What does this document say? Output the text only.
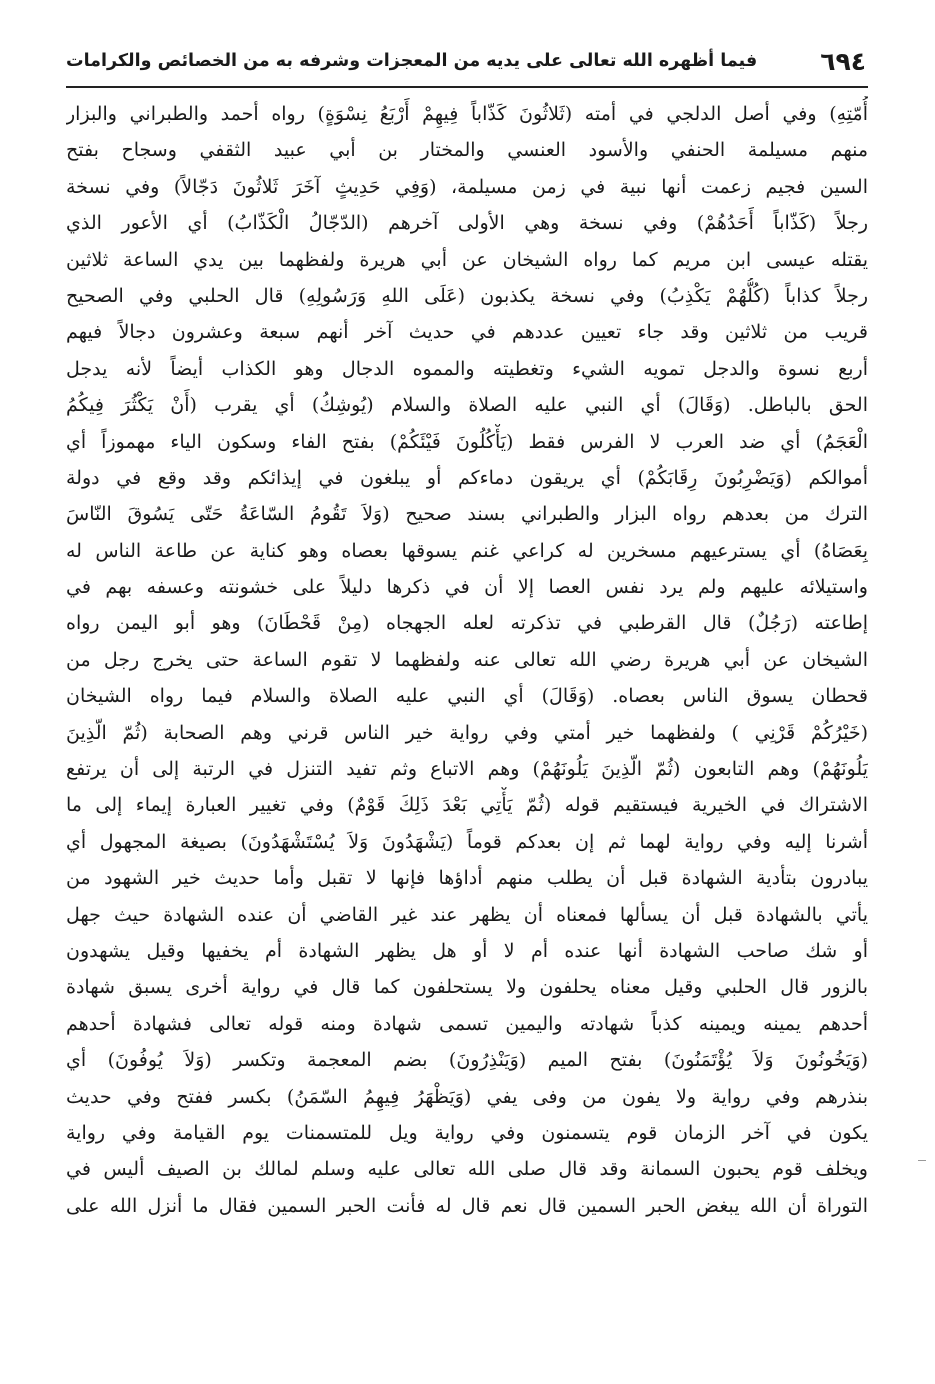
٦٩٤
فيما أظهره الله تعالى على يديه من المعجزات وشرفه به من الخصائص والكرامات
أُمّتِهِ) وفي أصل الدلجي في أمته (ثَلاثُونَ كَذّاباً فِيهِمْ أَرْبَعُ نِسْوَةٍ) رواه أحمد والطبراني والبزار
منهم مسيلمة الحنفي والأسود العنسي والمختار بن أبي عبيد الثقفي وسجاح بفتح
السين فجيم زعمت أنها نبية في زمن مسيلمة، (وَفِي حَدِيثٍ آخَرَ ثَلاثُونَ دَجّالاً) وفي نسخة
رجلاً (كَذّاباً أَحَدُهُمْ) وفي نسخة وهي الأولى آخرهم (الدّجّالُ الْكَذّابُ) أي الأعور الذي
يقتله عيسى ابن مريم كما رواه الشيخان عن أبي هريرة ولفظهما بين يدي الساعة ثلاثين
رجلاً كذاباً (كُلُّهُمْ يَكْذِبُ) وفي نسخة يكذبون (عَلَى اللهِ وَرَسُولِهِ) قال الحلبي وفي الصحيح
قريب من ثلاثين وقد جاء تعيين عددهم في حديث آخر أنهم سبعة وعشرون دجالاً فيهم
أربع نسوة والدجل تمويه الشيء وتغطيته والمموه الدجال وهو الكذاب أيضاً لأنه يدجل
الحق بالباطل. (وَقَالَ) أي النبي عليه الصلاة والسلام (يُوشِكُ) أي يقرب (أَنْ يَكْثُرَ فِيكُمُ
الْعَجَمُ) أي ضد العرب لا الفرس فقط (يَأْكُلُونَ فَيْئَكُمْ) بفتح الفاء وسكون الياء مهموزاً أي
أموالكم (وَيَضْرِبُونَ رِقَابَكُمْ) أي يريقون دماءكم أو يبلغون في إيذائكم وقد وقع في دولة
الترك من بعدهم رواه البزار والطبراني بسند صحيح (وَلاَ تَقُومُ السّاعَةُ حَتّى يَسُوقَ النّاسَ
بِعَصَاهُ) أي يسترعيهم مسخرين له كراعي غنم يسوقها بعصاه وهو كناية عن طاعة الناس له
واستيلائه عليهم ولم يرد نفس العصا إلا أن في ذكرها دليلاً على خشونته وعسفه بهم في
إطاعته (رَجُلٌ) قال القرطبي في تذكرته لعله الجهجاه (مِنْ قَحْطَانَ) وهو أبو اليمن رواه
الشيخان عن أبي هريرة رضي الله تعالى عنه ولفظهما لا تقوم الساعة حتى يخرج رجل من
قحطان يسوق الناس بعصاه. (وَقَالَ) أي النبي عليه الصلاة والسلام فيما رواه الشيخان
(خَيْرُكُمْ قَرْنِي ) ولفظهما خير أمتي وفي رواية خير الناس قرني وهم الصحابة (ثُمّ الّذِينَ
يَلُونَهُمْ) وهم التابعون (ثُمّ الّذِينَ يَلُونَهُمْ) وهم الاتباع وثم تفيد التنزل في الرتبة إلى أن يرتفع
الاشتراك في الخيرية فيستقيم قوله (ثُمّ يَأْتِي بَعْدَ ذَلِكَ قَوْمٌ) وفي تغيير العبارة إيماء إلى ما
أشرنا إليه وفي رواية لهما ثم إن بعدكم قوماً (يَشْهَدُونَ وَلاَ يُسْتَشْهَدُونَ) بصيغة المجهول أي
يبادرون بتأدية الشهادة قبل أن يطلب منهم أداؤها فإنها لا تقبل وأما حديث خير الشهود من
يأتي بالشهادة قبل أن يسألها فمعناه أن يظهر عند غير القاضي أن عنده الشهادة حيث جهل
أو شك صاحب الشهادة أنها عنده أم لا أو هل يظهر الشهادة أم يخفيها وقيل يشهدون
بالزور قال الحلبي وقيل معناه يحلفون ولا يستحلفون كما قال في رواية أخرى يسبق شهادة
أحدهم يمينه ويمينه كذباً شهادته واليمين تسمى شهادة ومنه قوله تعالى فشهادة أحدهم
(وَيَخُونُونَ وَلاَ يُؤْتَمَنُونَ) بفتح الميم (وَيَنْذِرُونَ) بضم المعجمة وتكسر (وَلاَ يُوفُونَ) أي
بنذرهم وفي رواية ولا يفون من وفى يفي (وَيَظْهَرُ فِيهِمُ السّمَنُ) بكسر ففتح وفي حديث
يكون في آخر الزمان قوم يتسمنون وفي رواية ويل للمتسمنات يوم القيامة وفي رواية
ويخلف قوم يحبون السمانة وقد قال صلى الله تعالى عليه وسلم لمالك بن الصيف أليس في
التوراة أن الله يبغض الحبر السمين قال نعم قال له فأنت الحبر السمين فقال ما أنزل الله على
